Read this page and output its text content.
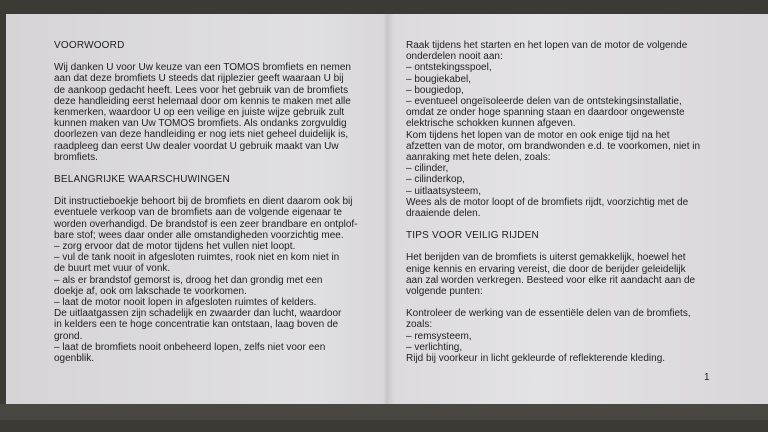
VOORWOORD
Wij danken U voor Uw keuze van een TOMOS bromfiets en nemen
aan dat deze bromfiets U steeds dat rijplezier geeft waaraan U bij
de aankoop gedacht heeft. Lees voor het gebruik van de bromfiets
deze handleiding eerst helemaal door om kennis te maken met alle
kenmerken, waardoor U op een veilige en juiste wijze gebruik zult
kunnen maken van Uw TOMOS bromfiets. Als ondanks zorgvuldig
doorlezen van deze handleiding er nog iets niet geheel duidelijk is,
raadpleeg dan eerst Uw dealer voordat U gebruik maakt van Uw
bromfiets.
BELANGRIJKE WAARSCHUWINGEN
Dit instructieboekje behoort bij de bromfiets en dient daarom ook bij
eventuele verkoop van de bromfiets aan de volgende eigenaar te
worden overhandigd. De brandstof is een zeer brandbare en ontplof-
bare stof; wees daar onder alle omstandigheden voorzichtig mee.
– zorg ervoor dat de motor tijdens het vullen niet loopt.
– vul de tank nooit in afgesloten ruimtes, rook niet en kom niet in
de buurt met vuur of vonk.
– als er brandstof gemorst is, droog het dan grondig met een
doekje af, ook om lakschade te voorkomen.
– laat de motor nooit lopen in afgesloten ruimtes of kelders.
De uitlaatgassen zijn schadelijk en zwaarder dan lucht, waardoor
in kelders een te hoge concentratie kan ontstaan, laag boven de
grond.
– laat de bromfiets nooit onbeheerd lopen, zelfs niet voor een
ogenblik.
Raak tijdens het starten en het lopen van de motor de volgende
onderdelen nooit aan:
– ontstekingsspoel,
– bougiekabel,
– bougiedop,
– eventueel ongeïsoleerde delen van de ontstekingsinstallatie,
omdat ze onder hoge spanning staan en daardoor ongewenste
elektrische schokken kunnen afgeven.
Kom tijdens het lopen van de motor en ook enige tijd na het
afzetten van de motor, om brandwonden e.d. te voorkomen, niet in
aanraking met hete delen, zoals:
– cilinder,
– cilinderkop,
– uitlaatsysteem,
Wees als de motor loopt of de bromfiets rijdt, voorzichtig met de
draaiende delen.
TIPS VOOR VEILIG RIJDEN
Het berijden van de bromfiets is uiterst gemakkelijk, hoewel het
enige kennis en ervaring vereist, die door de berijder geleidelijk
aan zal worden verkregen. Besteed voor elke rit aandacht aan de
volgende punten:
Kontroleer de werking van de essentiële delen van de bromfiets,
zoals:
– remsysteem,
– verlichting,
Rijd bij voorkeur in licht gekleurde of reflekterende kleding.
1
